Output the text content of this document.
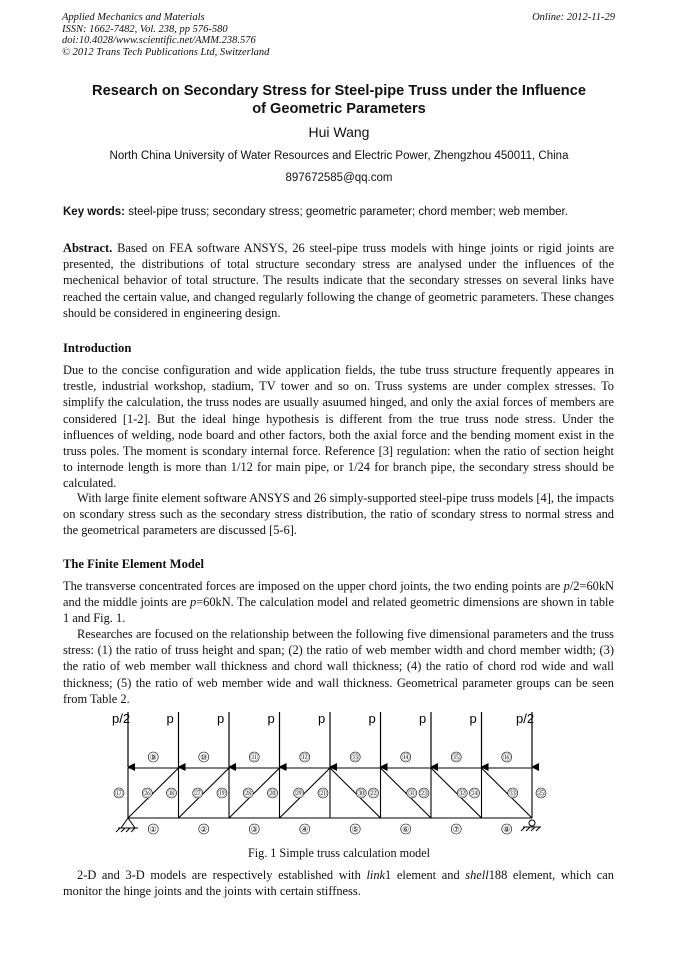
Applied Mechanics and Materials
ISSN: 1662-7482, Vol. 238, pp 576-580
doi:10.4028/www.scientific.net/AMM.238.576
© 2012 Trans Tech Publications Ltd, Switzerland
Online: 2012-11-29
Research on Secondary Stress for Steel-pipe Truss under the Influence
of Geometric Parameters
Hui Wang
North China University of Water Resources and Electric Power, Zhengzhou 450011, China
897672585@qq.com
Key words: steel-pipe truss; secondary stress; geometric parameter; chord member; web member.
Abstract. Based on FEA software ANSYS, 26 steel-pipe truss models with hinge joints or rigid joints are presented, the distributions of total structure secondary stress are analysed under the influences of the mechenical behavior of total structure. The results indicate that the secondary stresses on several links have reached the certain value, and changed regularly following the change of geometric parameters. These changes should be considered in engineering design.
Introduction
Due to the concise configuration and wide application fields, the tube truss structure frequently appeares in trestle, industrial workshop, stadium, TV tower and so on. Truss systems are under complex stresses. To simplify the calculation, the truss nodes are usually asuumed hinged, and only the axial forces of members are considered [1-2]. But the ideal hinge hypothesis is different from the true truss node stress. Under the influences of welding, node board and other factors, both the axial force and the bending moment exist in the truss poles. The moment is scondary internal force. Reference [3] regulation: when the ratio of section height to internode length is more than 1/12 for main pipe, or 1/24 for branch pipe, the secondary stress should be calculated.
With large finite element software ANSYS and 26 simply-supported steel-pipe truss models [4], the impacts on scondary stress such as the secondary stress distribution, the ratio of scondary stress to normal stress and the geometrical parameters are discussed [5-6].
The Finite Element Model
The transverse concentrated forces are imposed on the upper chord joints, the two ending points are p/2=60kN and the middle joints are p=60kN. The calculation model and related geometric dimensions are shown in table 1 and Fig. 1.
Researches are focused on the relationship between the following five dimensional parameters and the truss stress: (1) the ratio of truss height and span; (2) the ratio of web member width and chord member width; (3) the ratio of web member wall thickness and chord wall thickness; (4) the ratio of chord rod wide and wall thickness; (5) the ratio of web member wide and wall thickness. Geometrical parameter groups can be seen from Table 2.
p/2	p	p	p	p	p	p	p	p/2
⑨	⑩	⑪	⑫	⑬	⑭	⑮	⑯
①	②	③	④	⑤	⑥	⑦	⑧
⑰	⑱	⑲	⑳	㉑	㉒	㉓	㉔	㉕
㉖	㉗	㉘	㉙	㉚	㉛	㉜	㉝
Fig. 1 Simple truss calculation model
2-D and 3-D models are respectively established with link1 element and shell188 element, which can monitor the hinge joints and the joints with certain stiffness.
